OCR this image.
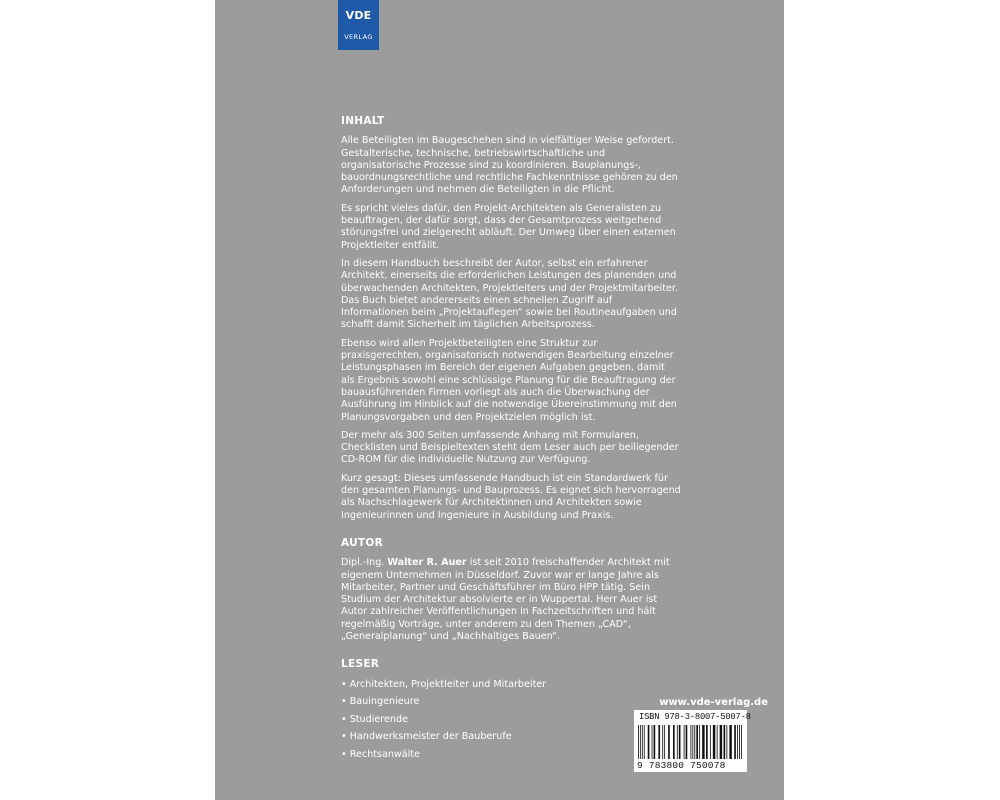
VDE
VERLAG
INHALT

Alle Beteiligten im Baugeschehen sind in vielfältiger Weise gefordert. Gestalterische, technische, betriebswirtschaftliche und organisatorische Prozesse sind zu koordinieren. Bauplanungs-, bauordnungsrechtliche und rechtliche Fachkenntnisse gehören zu den Anforderungen und nehmen die Beteiligten in die Pflicht.

Es spricht vieles dafür, den Projekt-Architekten als Generalisten zu beauftragen, der dafür sorgt, dass der Gesamtprozess weitgehend störungsfrei und zielgerecht abläuft. Der Umweg über einen externen Projektleiter entfällt.

In diesem Handbuch beschreibt der Autor, selbst ein erfahrener Architekt, einerseits die erforderlichen Leistungen des planenden und überwachenden Architekten, Projektleiters und der Projektmitarbeiter. Das Buch bietet andererseits einen schnellen Zugriff auf Informationen beim „Projektauflegen“ sowie bei Routineaufgaben und schafft damit Sicherheit im täglichen Arbeitsprozess.

Ebenso wird allen Projektbeteiligten eine Struktur zur praxisgerechten, organisatorisch notwendigen Bearbeitung einzelner Leistungsphasen im Bereich der eigenen Aufgaben gegeben, damit als Ergebnis sowohl eine schlüssige Planung für die Beauftragung der bauausführenden Firmen vorliegt als auch die Überwachung der Ausführung im Hinblick auf die notwendige Übereinstimmung mit den Planungsvorgaben und den Projektzielen möglich ist.

Der mehr als 300 Seiten umfassende Anhang mit Formularen, Checklisten und Beispieltexten steht dem Leser auch per beiliegender CD-ROM für die individuelle Nutzung zur Verfügung.

Kurz gesagt: Dieses umfassende Handbuch ist ein Standardwerk für den gesamten Planungs- und Bauprozess. Es eignet sich hervorragend als Nachschlagewerk für Architektinnen und Architekten sowie Ingenieurinnen und Ingenieure in Ausbildung und Praxis.

AUTOR

Dipl.-Ing. Walter R. Auer ist seit 2010 freischaffender Architekt mit eigenem Unternehmen in Düsseldorf. Zuvor war er lange Jahre als Mitarbeiter, Partner und Geschäftsführer im Büro HPP tätig. Sein Studium der Architektur absolvierte er in Wuppertal. Herr Auer ist Autor zahlreicher Veröffentlichungen in Fachzeitschriften und hält regelmäßig Vorträge, unter anderem zu den Themen „CAD“, „Generalplanung“ und „Nachhaltiges Bauen“.

LESER
• Architekten, Projektleiter und Mitarbeiter
• Bauingenieure
• Studierende
• Handwerksmeister der Bauberufe
• Rechtsanwälte
www.vde-verlag.de
ISBN 978-3-8007-5007-8
9 783800 750078
